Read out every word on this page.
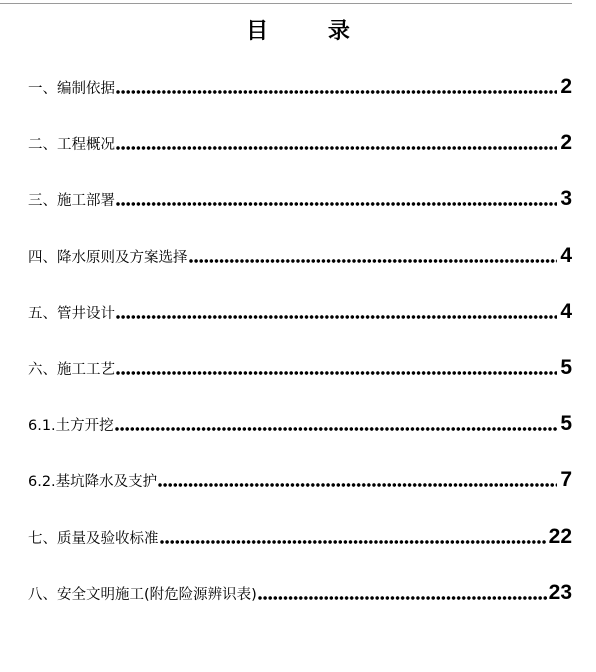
目 录
一、编制依据	2
二、工程概况	2
三、施工部署	3
四、降水原则及方案选择	4
五、管井设计	4
六、施工工艺	5
6.1.土方开挖	5
6.2.基坑降水及支护	7
七、质量及验收标准	22
八、安全文明施工(附危险源辨识表)	23
